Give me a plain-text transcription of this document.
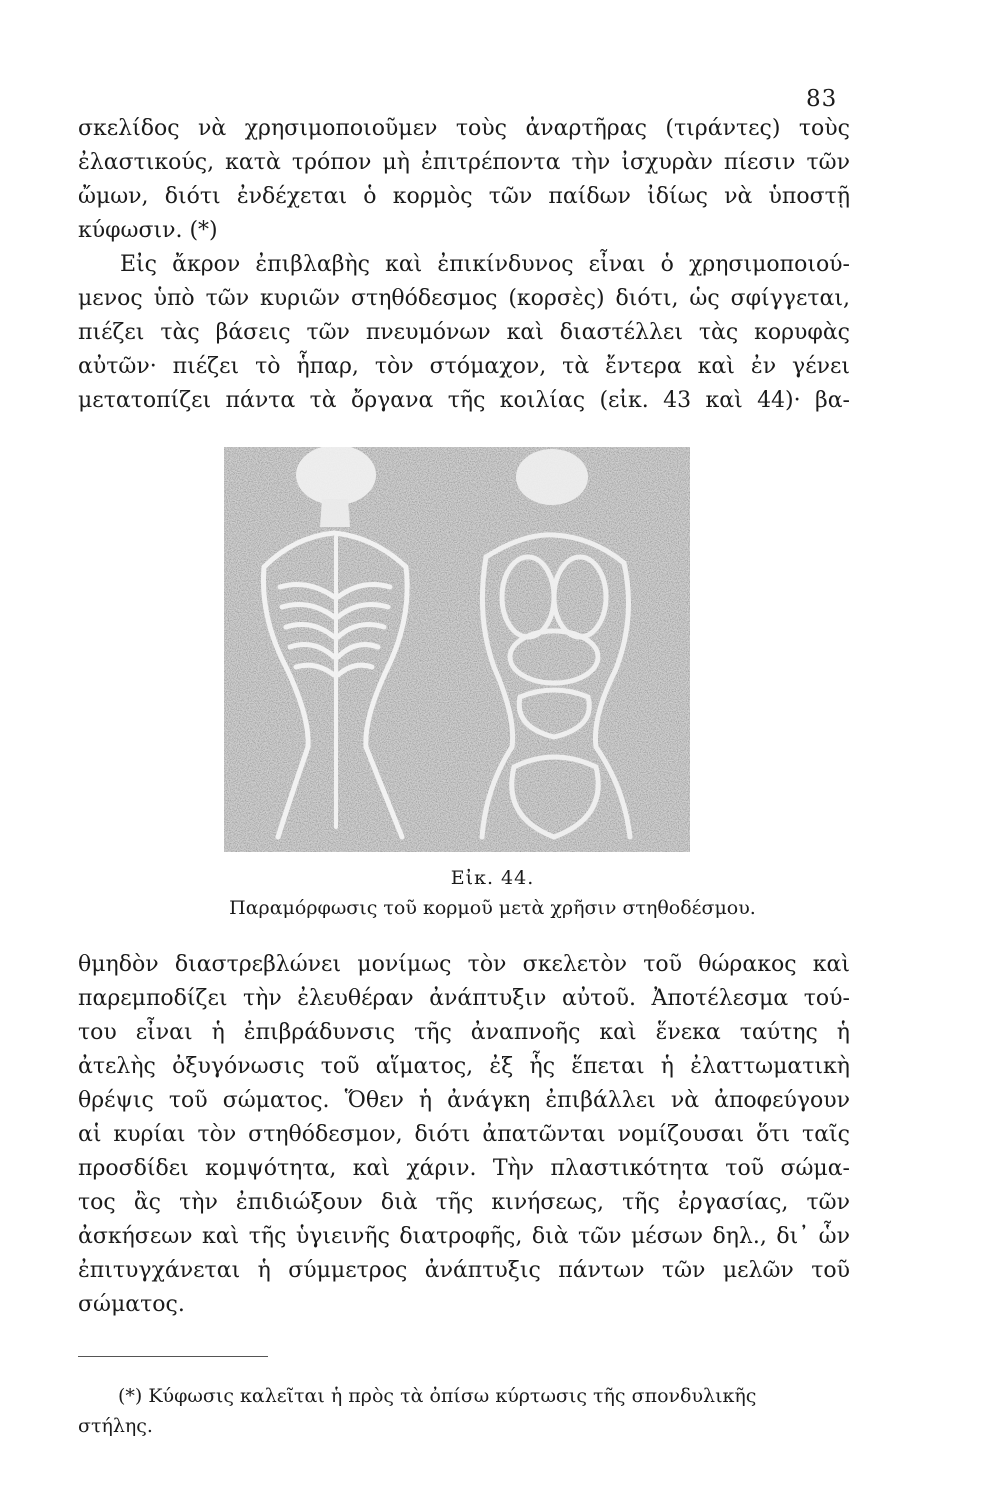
83
σκελίδος νὰ χρησιμοποιοῦμεν τοὺς ἀναρτῆρας (τιράντες) τοὺς
ἐλαστικούς, κατὰ τρόπον μὴ ἐπιτρέποντα τὴν ἰσχυρὰν πίεσιν τῶν
ὤμων, διότι ἐνδέχεται ὁ κορμὸς τῶν παίδων ἰδίως νὰ ὑποστῇ
κύφωσιν. (*)
Εἰς ἄκρον ἐπιβλαβὴς καὶ ἐπικίνδυνος εἶναι ὁ χρησιμοποιού-
μενος ὑπὸ τῶν κυριῶν στηθόδεσμος (κορσὲς) διότι, ὡς σφίγγεται,
πιέζει τὰς βάσεις τῶν πνευμόνων καὶ διαστέλλει τὰς κορυφὰς
αὐτῶν· πιέζει τὸ ἧπαρ, τὸν στόμαχον, τὰ ἔντερα καὶ ἐν γένει
μετατοπίζει πάντα τὰ ὄργανα τῆς κοιλίας (εἰκ. 43 καὶ 44)· βα-
Εἰκ. 44.
Παραμόρφωσις τοῦ κορμοῦ μετὰ χρῆσιν στηθοδέσμου.
θμηδὸν διαστρεβλώνει μονίμως τὸν σκελετὸν τοῦ θώρακος καὶ
παρεμποδίζει τὴν ἐλευθέραν ἀνάπτυξιν αὐτοῦ. Ἀποτέλεσμα τού-
του εἶναι ἡ ἐπιβράδυνσις τῆς ἀναπνοῆς καὶ ἕνεκα ταύτης ἡ
ἀτελὴς ὀξυγόνωσις τοῦ αἵματος, ἐξ ἧς ἕπεται ἡ ἐλαττωματικὴ
θρέψις τοῦ σώματος. Ὅθεν ἡ ἀνάγκη ἐπιβάλλει νὰ ἀποφεύγουν
αἱ κυρίαι τὸν στηθόδεσμον, διότι ἀπατῶνται νομίζουσαι ὅτι ταῖς
προσδίδει κομψότητα, καὶ χάριν. Τὴν πλαστικότητα τοῦ σώμα-
τος ἂς τὴν ἐπιδιώξουν διὰ τῆς κινήσεως, τῆς ἐργασίας, τῶν
ἀσκήσεων καὶ τῆς ὑγιεινῆς διατροφῆς, διὰ τῶν μέσων δηλ., δι᾽ ὧν
ἐπιτυγχάνεται ἡ σύμμετρος ἀνάπτυξις πάντων τῶν μελῶν τοῦ
σώματος.
(*) Κύφωσις καλεῖται ἡ πρὸς τὰ ὀπίσω κύρτωσις τῆς σπονδυλικῆς
στήλης.
